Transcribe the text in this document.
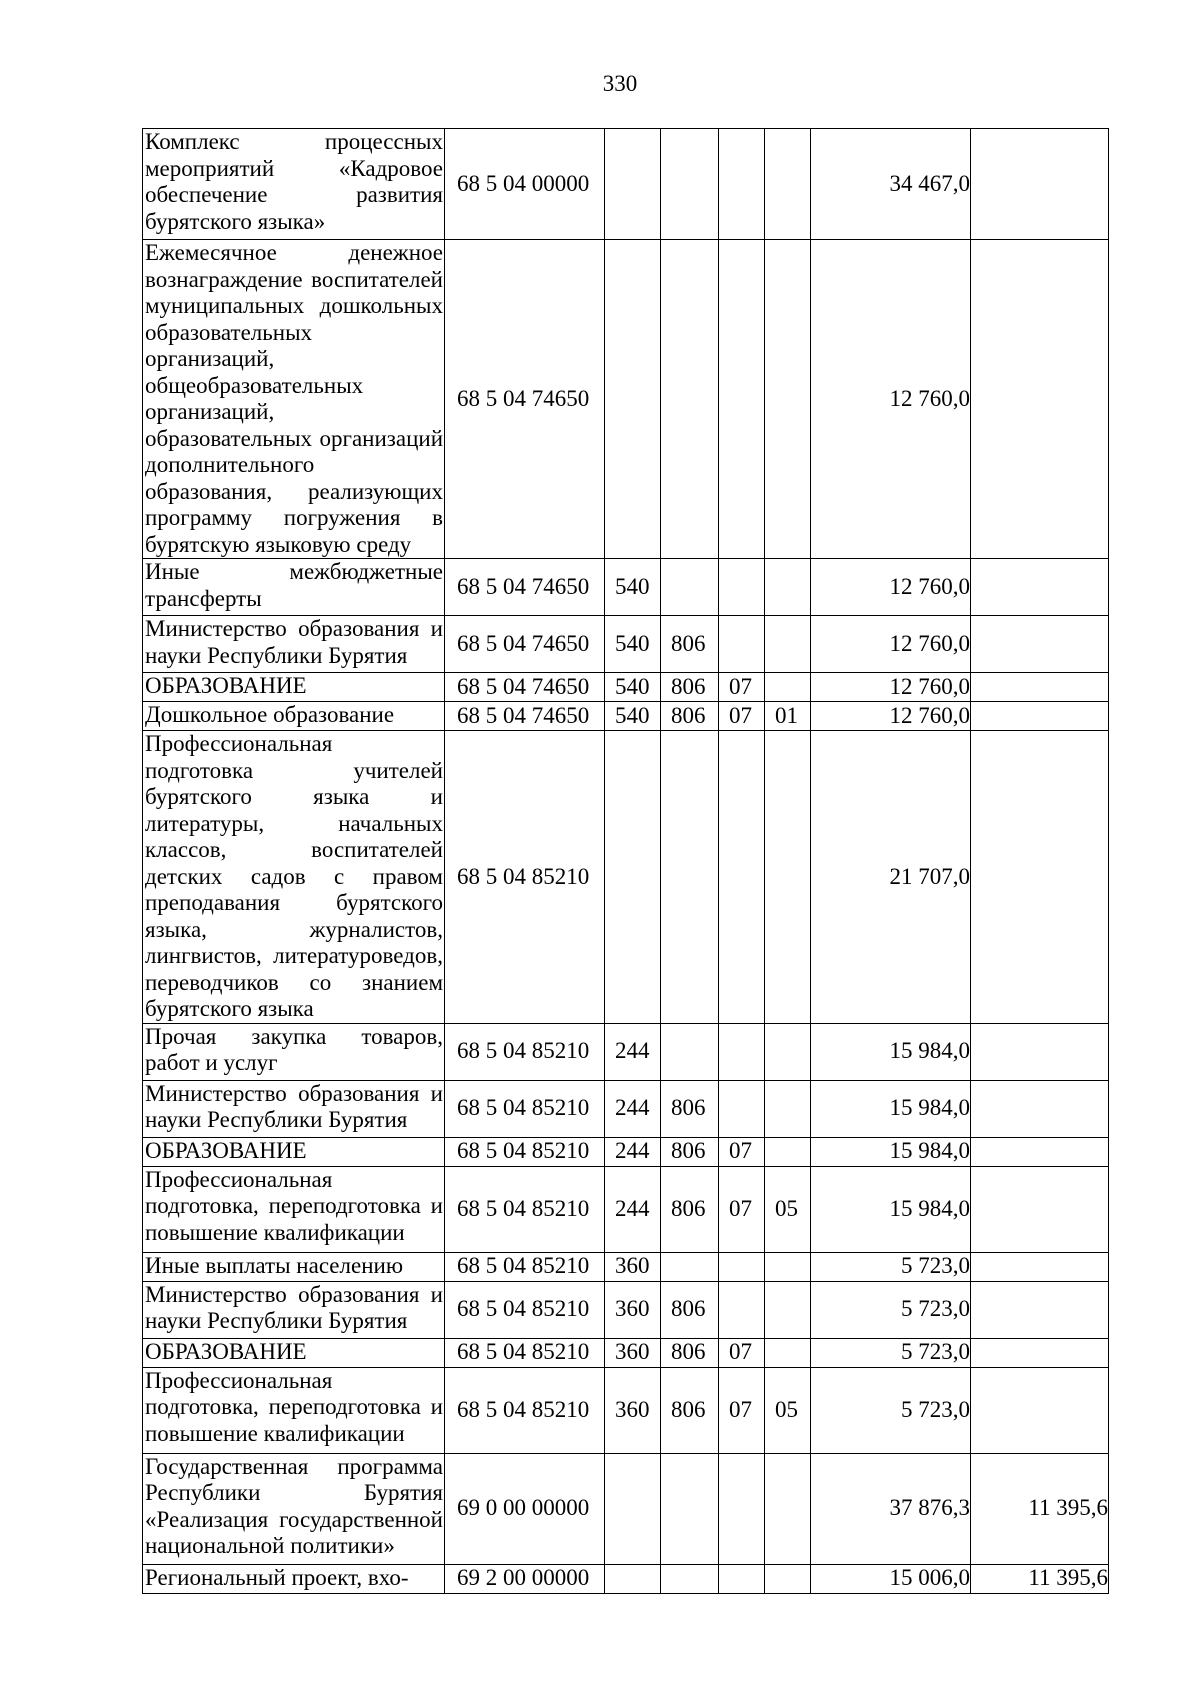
330
Комплекс процессных мероприятий «Кадровое обеспечение развития бурятского языка»	68 5 04 00000					34 467,0	
Ежемесячное денежное вознаграждение воспитателей муниципальных дошкольных образовательных организаций, общеобразовательных организаций, образовательных организаций дополнительного образования, реализующих программу погружения в бурятскую языковую среду	68 5 04 74650					12 760,0	
Иные межбюджетные трансферты	68 5 04 74650	540				12 760,0	
Министерство образования и науки Республики Бурятия	68 5 04 74650	540	806			12 760,0	
ОБРАЗОВАНИЕ	68 5 04 74650	540	806	07		12 760,0	
Дошкольное образование	68 5 04 74650	540	806	07	01	12 760,0	
Профессиональная подготовка учителей бурятского языка и литературы, начальных классов, воспитателей детских садов с правом преподавания бурятского языка, журналистов, лингвистов, литературоведов, переводчиков со знанием бурятского языка	68 5 04 85210					21 707,0	
Прочая закупка товаров, работ и услуг	68 5 04 85210	244				15 984,0	
Министерство образования и науки Республики Бурятия	68 5 04 85210	244	806			15 984,0	
ОБРАЗОВАНИЕ	68 5 04 85210	244	806	07		15 984,0	
Профессиональная подготовка, переподготовка и повышение квалификации	68 5 04 85210	244	806	07	05	15 984,0	
Иные выплаты населению	68 5 04 85210	360				5 723,0	
Министерство образования и науки Республики Бурятия	68 5 04 85210	360	806			5 723,0	
ОБРАЗОВАНИЕ	68 5 04 85210	360	806	07		5 723,0	
Профессиональная подготовка, переподготовка и повышение квалификации	68 5 04 85210	360	806	07	05	5 723,0	
Государственная программа Республики Бурятия «Реализация государственной национальной политики»	69 0 00 00000					37 876,3	11 395,6
Региональный проект, вхо-	69 2 00 00000					15 006,0	11 395,6
